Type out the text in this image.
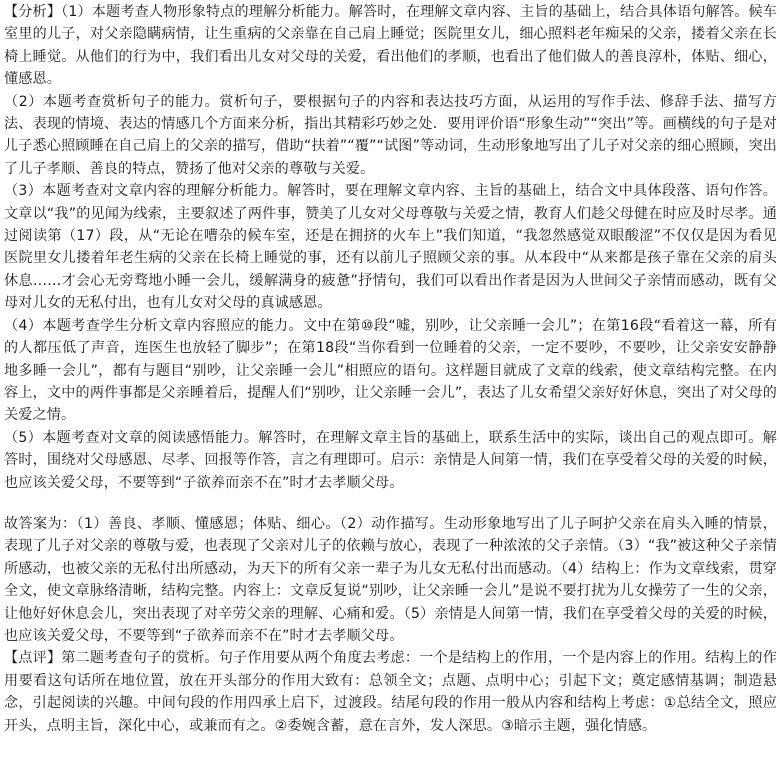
【分析】（1）本题考查人物形象特点的理解分析能力。解答时，在理解文章内容、主旨的基础上，结合具体语句解答。候车室里的儿子，对父亲隐瞒病情，让生重病的父亲靠在自己肩上睡觉；医院里女儿，细心照料老年痴呆的父亲，搂着父亲在长椅上睡觉。从他们的行为中，我们看出儿女对父母的关爱，看出他们的孝顺，也看出了他们做人的善良淳朴，体贴、细心，懂感恩。

（2）本题考查赏析句子的能力。赏析句子，要根据句子的内容和表达技巧方面，从运用的写作手法、修辞手法、描写方法、表现的情境、表达的情感几个方面来分析，指出其精彩巧妙之处．要用评价语“形象生动”“突出”等。画横线的句子是对儿子悉心照顾睡在自己肩上的父亲的描写，借助“扶着”“覆”“试图”等动词，生动形象地写出了儿子对父亲的细心照顾，突出了儿子孝顺、善良的特点，赞扬了他对父亲的尊敬与关爱。

（3）本题考查对文章内容的理解分析能力。解答时，要在理解文章内容、主旨的基础上，结合文中具体段落、语句作答。文章以“我”的见闻为线索，主要叙述了两件事，赞美了儿女对父母尊敬与关爱之情，教育人们趁父母健在时应及时尽孝。通过阅读第（17）段，从“无论在嘈杂的候车室，还是在拥挤的火车上”我们知道，“我忽然感觉双眼酸涩”不仅仅是因为看见医院里女儿搂着年老生病的父亲在长椅上睡觉的事，还有以前儿子照顾父亲的事。从本段中“从来都是孩子靠在父亲的肩头休息……才会心无旁骛地小睡一会儿，缓解满身的疲惫”抒情句，我们可以看出作者是因为人世间父子亲情而感动，既有父母对儿女的无私付出，也有儿女对父母的真诚感恩。

（4）本题考查学生分析文章内容照应的能力。文中在第⑩段“嘘，别吵，让父亲睡一会儿”；在第16段“看着这一幕，所有的人都压低了声音，连医生也放轻了脚步”；在第18段“当你看到一位睡着的父亲，一定不要吵，不要吵，让父亲安安静静地多睡一会儿”，都有与题目“别吵，让父亲睡一会儿”相照应的语句。这样题目就成了文章的线索，使文章结构完整。在内容上，文中的两件事都是父亲睡着后，提醒人们“别吵，让父亲睡一会儿”，表达了儿女希望父亲好好休息，突出了对父母的关爱之情。

（5）本题考查对文章的阅读感悟能力。解答时，在理解文章主旨的基础上，联系生活中的实际，谈出自己的观点即可。解答时，围绕对父母感恩、尽孝、回报等作答，言之有理即可。启示：亲情是人间第一情，我们在享受着父母的关爱的时候，也应该关爱父母，不要等到“子欲养而亲不在”时才去孝顺父母。

故答案为：（1）善良、孝顺、懂感恩；体贴、细心。（2）动作描写。生动形象地写出了儿子呵护父亲在肩头入睡的情景，表现了儿子对父亲的尊敬与爱，也表现了父亲对儿子的依赖与放心，表现了一种浓浓的父子亲情。（3）“我”被这种父子亲情所感动，也被父亲的无私付出所感动，为天下的所有父亲一辈子为儿女无私付出而感动。（4）结构上：作为文章线索，贯穿全文，使文章脉络清晰，结构完整。内容上：文章反复说“别吵，让父亲睡一会儿”是说不要打扰为儿女操劳了一生的父亲，让他好好休息会儿，突出表现了对辛劳父亲的理解、心痛和爱。（5）亲情是人间第一情，我们在享受着父母的关爱的时候，也应该关爱父母，不要等到“子欲养而亲不在”时才去孝顺父母。

【点评】第二题考查句子的赏析。句子作用要从两个角度去考虑：一个是结构上的作用，一个是内容上的作用。结构上的作用要看这句话所在地位置，放在开头部分的作用大致有：总领全文；点题、点明中心；引起下文；奠定感情基调；制造悬念，引起阅读的兴趣。中间句段的作用四承上启下，过渡段。结尾句段的作用一般从内容和结构上考虑：①总结全文，照应开头，点明主旨，深化中心，或兼而有之。②委婉含蓄，意在言外，发人深思。③暗示主题，强化情感。
